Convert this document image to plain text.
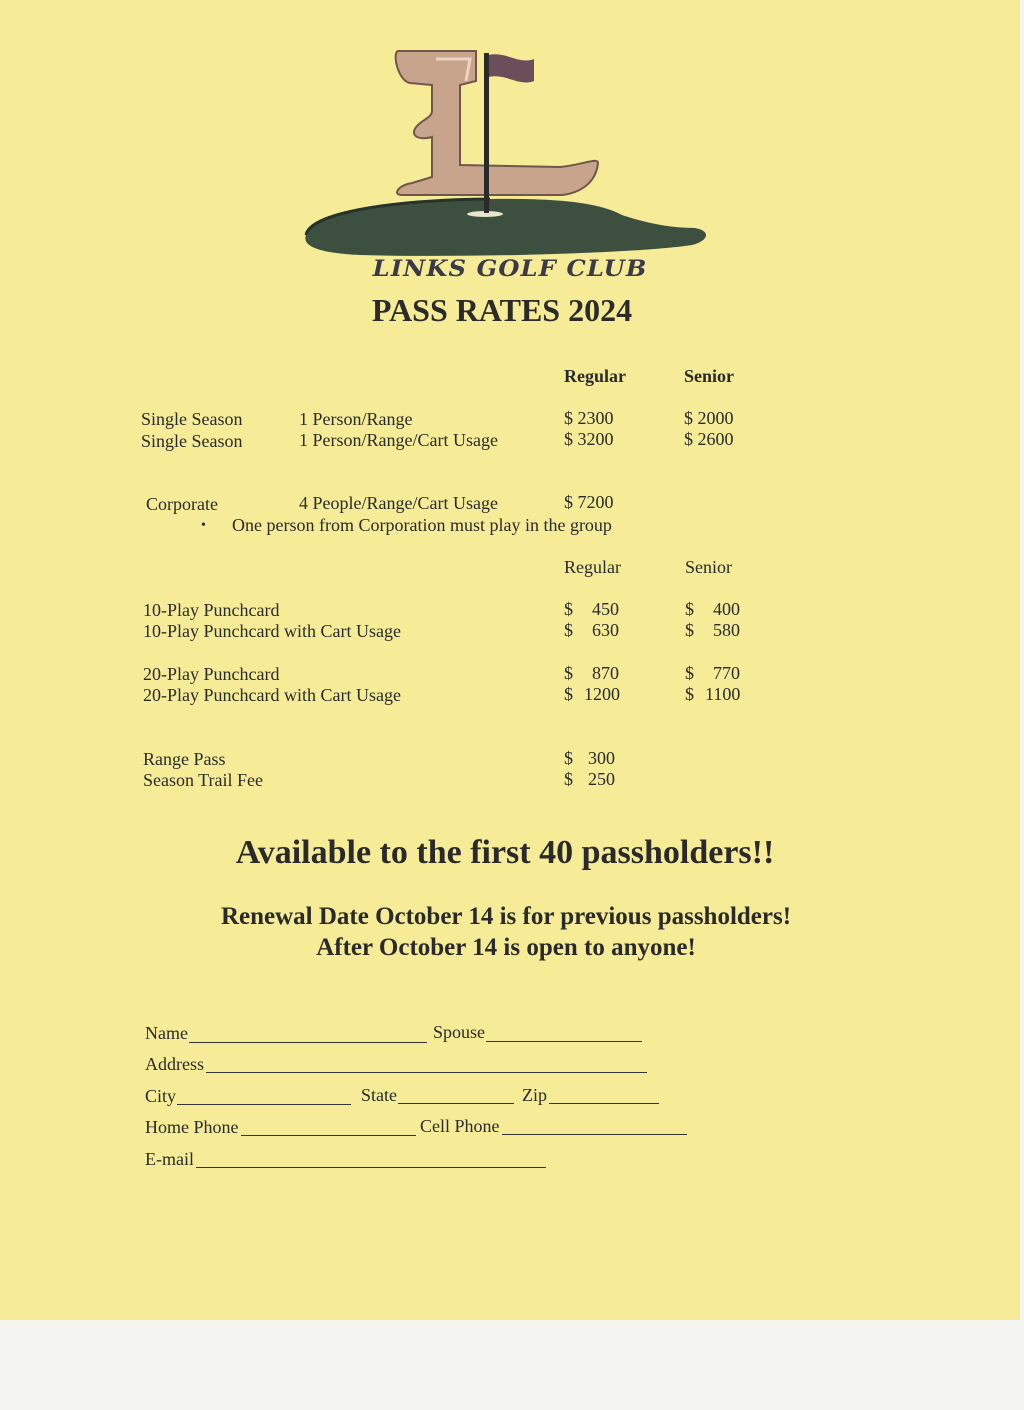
LINKS GOLF CLUB
PASS RATES 2024
Regular	Senior
Single Season	1 Person/Range	$ 2300	$ 2000
Single Season	1 Person/Range/Cart Usage	$ 3200	$ 2600
Corporate	4 People/Range/Cart Usage	$ 7200
• One person from Corporation must play in the group
Regular	Senior
10-Play Punchcard	$ 450	$ 400
10-Play Punchcard with Cart Usage	$ 630	$ 580
20-Play Punchcard	$ 870	$ 770
20-Play Punchcard with Cart Usage	$ 1200	$ 1100
Range Pass	$ 300
Season Trail Fee	$ 250
Available to the first 40 passholders!!
Renewal Date October 14 is for previous passholders!
After October 14 is open to anyone!
Name	Spouse
Address
City	State	Zip
Home Phone	Cell Phone
E-mail
